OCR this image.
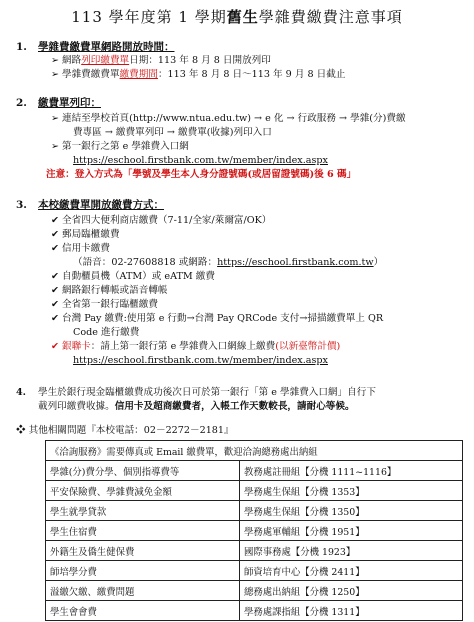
113 學年度第 1 學期舊生學雜費繳費注意事項
1. 學雜費繳費單網路開放時間：
➢ 網路列印繳費單日期：113 年 8 月 8 日開放列印
➢ 學雜費繳費單繳費期間：113 年 8 月 8 日～113 年 9 月 8 日截止
2. 繳費單列印：
➢ 連結至學校首頁(http://www.ntua.edu.tw) → e 化 → 行政服務 → 學雜(分)費繳
費專區 → 繳費單列印 → 繳費單(收據)列印入口
➢ 第一銀行之第 e 學雜費入口網
https://eschool.firstbank.com.tw/member/index.aspx
注意：登入方式為「學號及學生本人身分證號碼(或居留證號碼)後 6 碼」
3. 本校繳費單開放繳費方式：
✔ 全省四大便利商店繳費（7-11/全家/萊爾富/OK）
✔ 郵局臨櫃繳費
✔ 信用卡繳費
（語音：02-27608818 或網路：https://eschool.firstbank.com.tw）
✔ 自動櫃員機（ATM）或 eATM 繳費
✔ 網路銀行轉帳或語音轉帳
✔ 全省第一銀行臨櫃繳費
✔ 台灣 Pay 繳費:使用第 e 行動→台灣 Pay QRCode 支付→掃描繳費單上 QR
Code 進行繳費
✔ 銀聯卡：請上第一銀行第 e 學雜費入口網線上繳費(以新臺幣計價)
https://eschool.firstbank.com.tw/member/index.aspx
4. 學生於銀行現金臨櫃繳費成功後次日可於第一銀行「第 e 學雜費入口網」自行下
載列印繳費收據。信用卡及超商繳費者，入帳工作天數較長，請耐心等候。
❖ 其他相關問題『本校電話：02－2272－2181』
《洽詢服務》需要傳真或 Email 繳費單，歡迎洽詢總務處出納組	
學雜(分)費分學、個別指導費等	教務處註冊組【分機 1111~1116】
平安保險費、學雜費減免金額	學務處生保組【分機 1353】
學生就學貸款	學務處生保組【分機 1350】
學生住宿費	學務處軍輔組【分機 1951】
外籍生及僑生健保費	國際事務處【分機 1923】
師培學分費	師資培育中心【分機 2411】
溢繳欠繳、繳費問題	總務處出納組【分機 1250】
學生會會費	學務處課指組【分機 1311】
